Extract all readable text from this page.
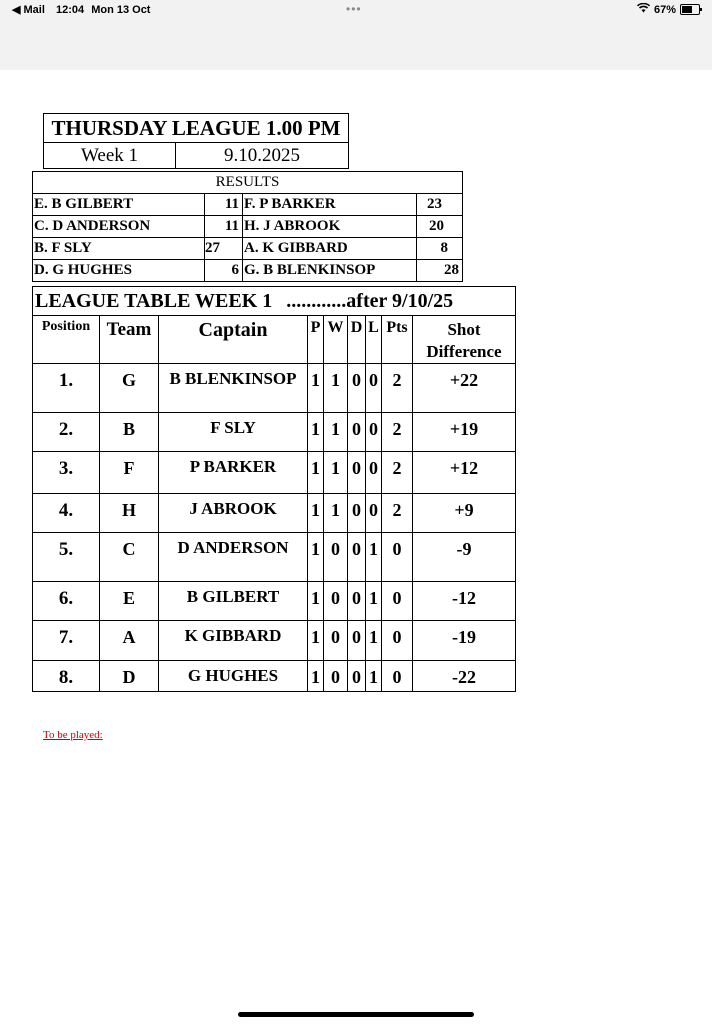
◀ Mail 12:04 Mon 13 Oct	•••	67%
THURSDAY LEAGUE 1.00 PM
Week 1	9.10.2025
RESULTS			
E. B GILBERT	11	F. P BARKER	23
C. D ANDERSON	11	H. J ABROOK	20
B. F SLY	27	A. K GIBBARD	8
D. G HUGHES	6	G. B BLENKINSOP	28
LEAGUE TABLE WEEK 1 ............after 9/10/25								
Position	Team	Captain	P	W	D	L	Pts	Shot Difference
1.	G	B BLENKINSOP	1	1	0	0	2	+22
2.	B	F SLY	1	1	0	0	2	+19
3.	F	P BARKER	1	1	0	0	2	+12
4.	H	J ABROOK	1	1	0	0	2	+9
5.	C	D ANDERSON	1	0	0	1	0	-9
6.	E	B GILBERT	1	0	0	1	0	-12
7.	A	K GIBBARD	1	0	0	1	0	-19
8.	D	G HUGHES	1	0	0	1	0	-22
To be played:
